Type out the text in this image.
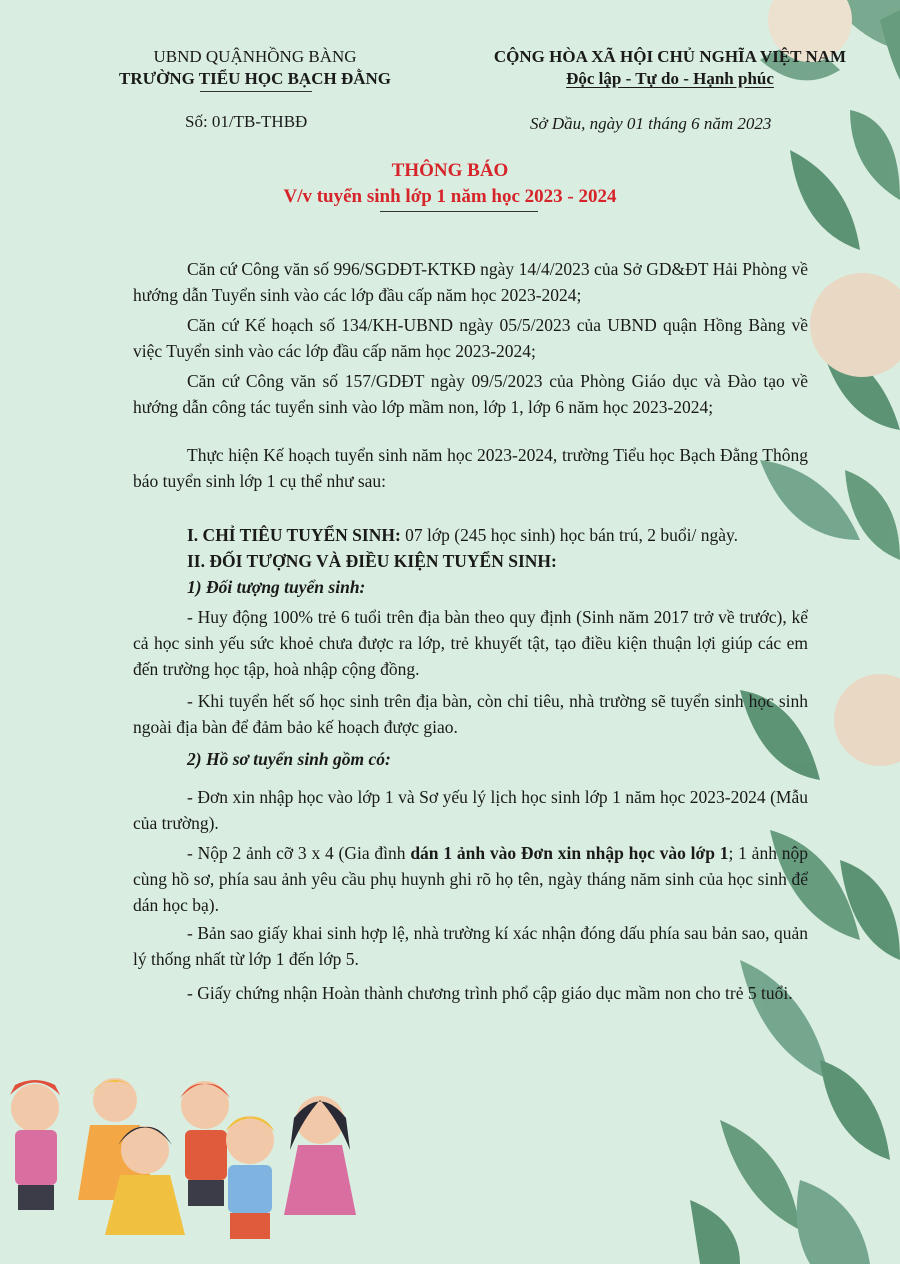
UBND QUẬNHỒNG BÀNG
TRƯỜNG TIỂU HỌC BẠCH ĐẰNG
CỘNG HÒA XÃ HỘI CHỦ NGHĨA VIỆT NAM
Độc lập - Tự do - Hạnh phúc
Số: 01/TB-THBĐ	Sở Dầu, ngày 01 tháng 6 năm 2023
THÔNG BÁO
V/v tuyển sinh lớp 1 năm học 2023 - 2024
Căn cứ Công văn số 996/SGDĐT-KTKĐ ngày 14/4/2023 của Sở GD&ĐT Hải Phòng về hướng dẫn Tuyển sinh vào các lớp đầu cấp năm học 2023-2024;
Căn cứ Kế hoạch số 134/KH-UBND ngày 05/5/2023 của UBND quận Hồng Bàng về việc Tuyển sinh vào các lớp đầu cấp năm học 2023-2024;
Căn cứ Công văn số 157/GDĐT ngày 09/5/2023 của Phòng Giáo dục và Đào tạo về hướng dẫn công tác tuyển sinh vào lớp mầm non, lớp 1, lớp 6 năm học 2023-2024;
Thực hiện Kế hoạch tuyển sinh năm học 2023-2024, trường Tiểu học Bạch Đằng Thông báo tuyển sinh lớp 1 cụ thể như sau:
I. CHỈ TIÊU TUYỂN SINH: 07 lớp (245 học sinh) học bán trú, 2 buổi/ ngày.
II. ĐỐI TƯỢNG VÀ ĐIỀU KIỆN TUYỂN SINH:
1) Đối tượng tuyển sinh:
- Huy động 100% trẻ 6 tuổi trên địa bàn theo quy định (Sinh năm 2017 trở về trước), kể cả học sinh yếu sức khoẻ chưa được ra lớp, trẻ khuyết tật, tạo điều kiện thuận lợi giúp các em đến trường học tập, hoà nhập cộng đồng.
- Khi tuyển hết số học sinh trên địa bàn, còn chỉ tiêu, nhà trường sẽ tuyển sinh học sinh ngoài địa bàn để đảm bảo kế hoạch được giao.
2) Hồ sơ tuyển sinh gồm có:
- Đơn xin nhập học vào lớp 1 và Sơ yếu lý lịch học sinh lớp 1 năm học 2023-2024 (Mẫu của trường).
- Nộp 2 ảnh cỡ 3 x 4 (Gia đình dán 1 ảnh vào Đơn xin nhập học vào lớp 1; 1 ảnh nộp cùng hồ sơ, phía sau ảnh yêu cầu phụ huynh ghi rõ họ tên, ngày tháng năm sinh của học sinh để dán học bạ).
- Bản sao giấy khai sinh hợp lệ, nhà trường kí xác nhận đóng dấu phía sau bản sao, quản lý thống nhất từ lớp 1 đến lớp 5.
- Giấy chứng nhận Hoàn thành chương trình phổ cập giáo dục mầm non cho trẻ 5 tuổi.
